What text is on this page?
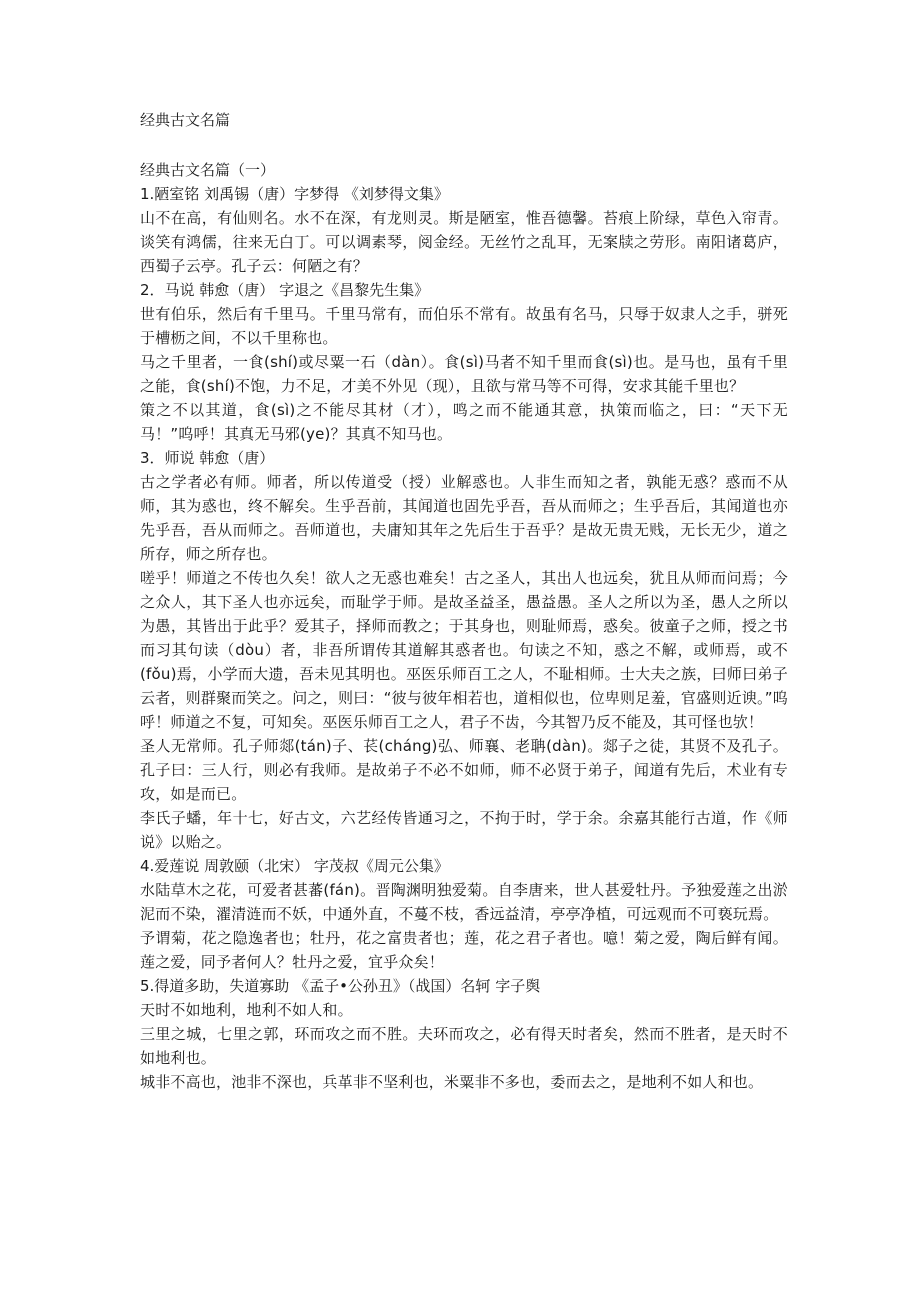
经典古文名篇
经典古文名篇（一）
1.陋室铭 刘禹锡（唐）字梦得 《刘梦得文集》

山不在高，有仙则名。水不在深，有龙则灵。斯是陋室，惟吾德馨。苔痕上阶绿，草色入帘青。谈笑有鸿儒，往来无白丁。可以调素琴，阅金经。无丝竹之乱耳，无案牍之劳形。南阳诸葛庐，西蜀子云亭。孔子云：何陋之有？

2．马说 韩愈（唐） 字退之《昌黎先生集》

世有伯乐，然后有千里马。千里马常有，而伯乐不常有。故虽有名马，只辱于奴隶人之手，骈死于槽枥之间，不以千里称也。

马之千里者，一食(shí)或尽粟一石（dàn）。食(sì)马者不知千里而食(sì)也。是马也，虽有千里之能，食(shí)不饱，力不足，才美不外见（现），且欲与常马等不可得，安求其能千里也？

策之不以其道，食(sì)之不能尽其材（才），鸣之而不能通其意，执策而临之，曰：“天下无马！”呜呼！其真无马邪(ye)？其真不知马也。

3．师说 韩愈（唐）

古之学者必有师。师者，所以传道受（授）业解惑也。人非生而知之者，孰能无惑？惑而不从师，其为惑也，终不解矣。生乎吾前，其闻道也固先乎吾，吾从而师之；生乎吾后，其闻道也亦先乎吾，吾从而师之。吾师道也，夫庸知其年之先后生于吾乎？是故无贵无贱，无长无少，道之所存，师之所存也。

嗟乎！师道之不传也久矣！欲人之无惑也难矣！古之圣人，其出人也远矣，犹且从师而问焉；今之众人，其下圣人也亦远矣，而耻学于师。是故圣益圣，愚益愚。圣人之所以为圣，愚人之所以为愚，其皆出于此乎？爱其子，择师而教之；于其身也，则耻师焉，惑矣。彼童子之师，授之书而习其句读（dòu）者，非吾所谓传其道解其惑者也。句读之不知，惑之不解，或师焉，或不(fǒu)焉，小学而大遗，吾未见其明也。巫医乐师百工之人，不耻相师。士大夫之族，曰师曰弟子云者，则群聚而笑之。问之，则曰：“彼与彼年相若也，道相似也，位卑则足羞，官盛则近谀。”呜呼！师道之不复，可知矣。巫医乐师百工之人，君子不齿，今其智乃反不能及，其可怪也欤！

圣人无常师。孔子师郯(tán)子、苌(cháng)弘、师襄、老聃(dàn)。郯子之徒，其贤不及孔子。孔子曰：三人行，则必有我师。是故弟子不必不如师，师不必贤于弟子，闻道有先后，术业有专攻，如是而已。

李氏子蟠，年十七，好古文，六艺经传皆通习之，不拘于时，学于余。余嘉其能行古道，作《师说》以贻之。

4.爱莲说 周敦颐（北宋） 字茂叔《周元公集》

水陆草木之花，可爱者甚蕃(fán)。晋陶渊明独爱菊。自李唐来，世人甚爱牡丹。予独爱莲之出淤泥而不染，濯清涟而不妖，中通外直，不蔓不枝，香远益清，亭亭净植，可远观而不可亵玩焉。

予谓菊，花之隐逸者也；牡丹，花之富贵者也；莲，花之君子者也。噫！菊之爱，陶后鲜有闻。莲之爱，同予者何人？牡丹之爱，宜乎众矣！

5.得道多助，失道寡助 《孟子•公孙丑》（战国）名轲 字子舆

天时不如地利，地利不如人和。

三里之城，七里之郭，环而攻之而不胜。夫环而攻之，必有得天时者矣，然而不胜者，是天时不如地利也。

城非不高也，池非不深也，兵革非不坚利也，米粟非不多也，委而去之，是地利不如人和也。
